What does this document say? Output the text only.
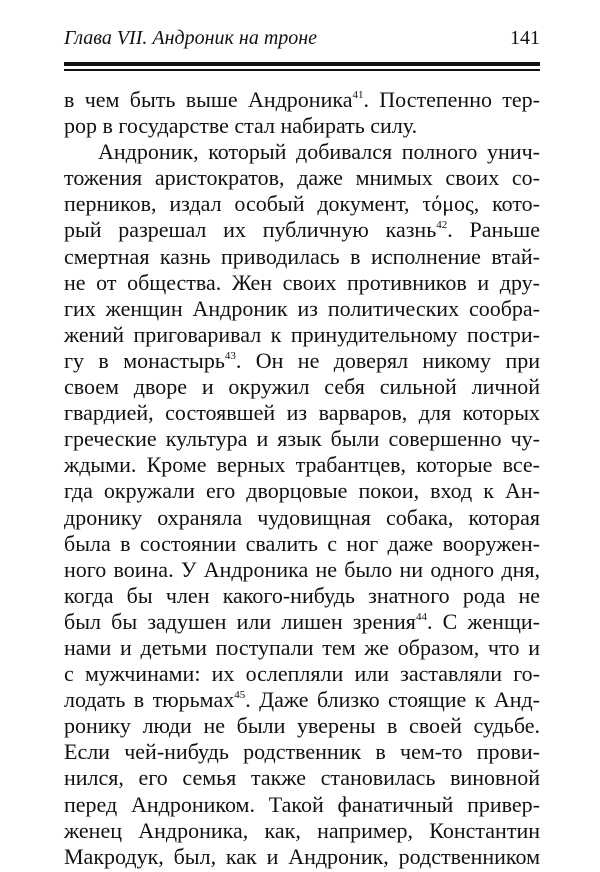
Глава VII. Андроник на троне	141
в чем быть выше Андроника$^{41}$. Постепенно тер-
рор в государстве стал набирать силу.
Андроник, который добивался полного унич-
тожения аристократов, даже мнимых своих со-
перников, издал особый документ, τόμος, кото-
рый разрешал их публичную казнь$^{42}$. Раньше
смертная казнь приводилась в исполнение втай-
не от общества. Жен своих противников и дру-
гих женщин Андроник из политических сообра-
жений приговаривал к принудительному постри-
гу в монастырь$^{43}$. Он не доверял никому при
своем дворе и окружил себя сильной личной
гвардией, состоявшей из варваров, для которых
греческие культура и язык были совершенно чу-
ждыми. Кроме верных трабантцев, которые все-
гда окружали его дворцовые покои, вход к Ан-
дронику охраняла чудовищная собака, которая
была в состоянии свалить с ног даже вооружен-
ного воина. У Андроника не было ни одного дня,
когда бы член какого-нибудь знатного рода не
был бы задушен или лишен зрения$^{44}$. С женщи-
нами и детьми поступали тем же образом, что и
с мужчинами: их ослепляли или заставляли го-
лодать в тюрьмах$^{45}$. Даже близко стоящие к Анд-
ронику люди не были уверены в своей судьбе.
Если чей-нибудь родственник в чем-то прови-
нился, его семья также становилась виновной
перед Андроником. Такой фанатичный привер-
женец Андроника, как, например, Константин
Макродук, был, как и Андроник, родственником
